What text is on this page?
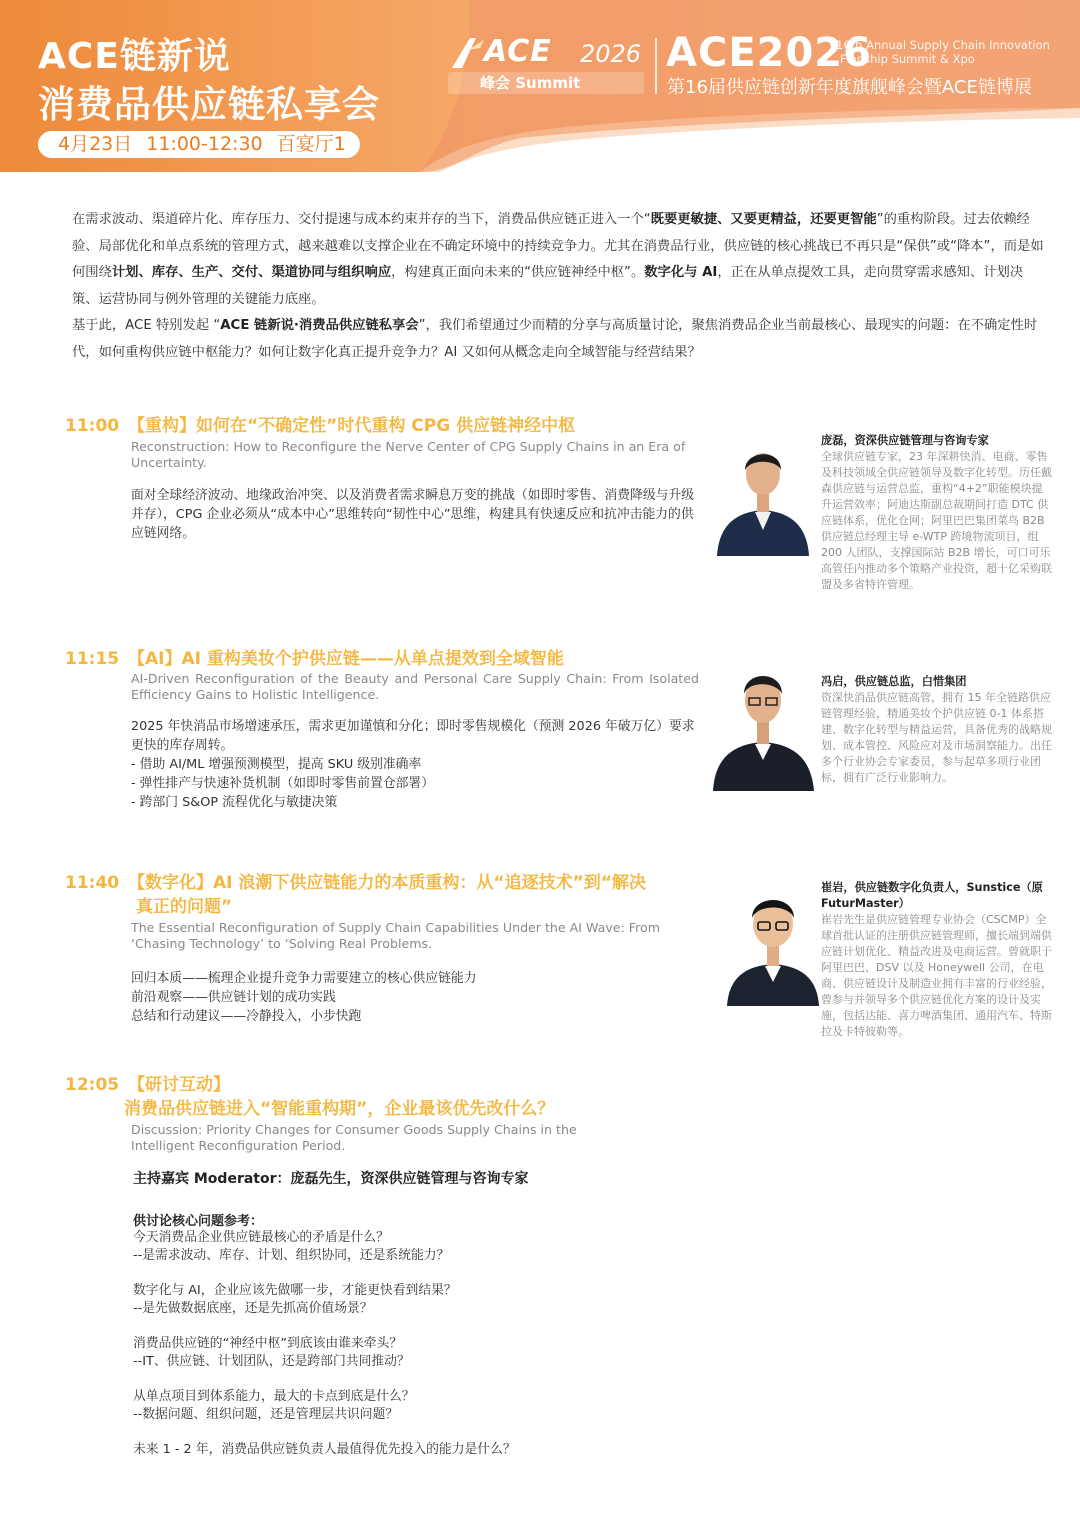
ACE链新说
消费品供应链私享会
4月23日 11:00-12:30 百宴厅1
ACE 2026
峰会 Summit
ACE2026
16th Annual Supply Chain Innovation
Flagship Summit & Xpo
第16届供应链创新年度旗舰峰会暨ACE链博展

在需求波动、渠道碎片化、库存压力、交付提速与成本约束并存的当下，消费品供应链正进入一个“既要更敏捷、又要更精益，还要更智能”的重构阶段。过去依赖经验、局部优化和单点系统的管理方式，越来越难以支撑企业在不确定环境中的持续竞争力。尤其在消费品行业，供应链的核心挑战已不再只是“保供”或“降本”，而是如何围绕计划、库存、生产、交付、渠道协同与组织响应，构建真正面向未来的“供应链神经中枢”。数字化与 AI，正在从单点提效工具，走向贯穿需求感知、计划决策、运营协同与例外管理的关键能力底座。

基于此，ACE 特别发起 “ACE 链新说·消费品供应链私享会”，我们希望通过少而精的分享与高质量讨论，聚焦消费品企业当前最核心、最现实的问题：在不确定性时代，如何重构供应链中枢能力？如何让数字化真正提升竞争力？AI 又如何从概念走向全域智能与经营结果？

11:00 【重构】如何在“不确定性”时代重构 CPG 供应链神经中枢
Reconstruction: How to Reconfigure the Nerve Center of CPG Supply Chains in an Era of Uncertainty.
面对全球经济波动、地缘政治冲突、以及消费者需求瞬息万变的挑战（如即时零售、消费降级与升级并存），CPG 企业必须从“成本中心”思维转向“韧性中心”思维，构建具有快速反应和抗冲击能力的供应链网络。
庞磊，资深供应链管理与咨询专家
全球供应链专家，23 年深耕快消、电商、零售及科技领域全供应链领导及数字化转型。历任戴森供应链与运营总监，重构“4+2”职能模块提升运营效率；阿迪达斯副总裁期间打造 DTC 供应链体系，优化仓网；阿里巴巴集团菜鸟 B2B 供应链总经理主导 e-WTP 跨境物流项目，组 200 人团队，支撑国际站 B2B 增长，可口可乐高管任内推动多个策略产业投资，超十亿采购联盟及多省特许管理。
11:15 【AI】AI 重构美妆个护供应链——从单点提效到全域智能
AI-Driven Reconfiguration of the Beauty and Personal Care Supply Chain: From Isolated Efficiency Gains to Holistic Intelligence.
2025 年快消品市场增速承压，需求更加谨慎和分化；即时零售规模化（预测 2026 年破万亿）要求更快的库存周转。
- 借助 AI/ML 增强预测模型，提高 SKU 级别准确率
- 弹性排产与快速补货机制（如即时零售前置仓部署）
- 跨部门 S&OP 流程优化与敏捷决策
冯启，供应链总监，白惜集团
资深快消品供应链高管，拥有 15 年全链路供应链管理经验，精通美妆个护供应链 0-1 体系搭建、数字化转型与精益运营，具备优秀的战略规划、成本管控、风险应对及市场洞察能力。出任多个行业协会专家委员，参与起草多项行业团标，拥有广泛行业影响力。
11:40 【数字化】AI 浪潮下供应链能力的本质重构：从“追逐技术”到“解决
真正的问题”
The Essential Reconfiguration of Supply Chain Capabilities Under the AI Wave: From ‘Chasing Technology’ to ‘Solving Real Problems.
回归本质——梳理企业提升竞争力需要建立的核心供应链能力
前沿观察——供应链计划的成功实践
总结和行动建议——冷静投入，小步快跑
崔岩，供应链数字化负责人，Sunstice（原 FuturMaster）
崔岩先生是供应链管理专业协会（CSCMP）全球首批认证的注册供应链管理师，擅长端到端供应链计划优化、精益改进及电商运营。曾就职于阿里巴巴、DSV 以及 Honeywell 公司，在电商、供应链设计及制造业拥有丰富的行业经验，曾参与并领导多个供应链优化方案的设计及实施，包括达能、喜力啤酒集团、通用汽车、特斯拉及卡特彼勒等。
12:05 【研讨互动】
消费品供应链进入“智能重构期”，企业最该优先改什么？
Discussion: Priority Changes for Consumer Goods Supply Chains in the Intelligent Reconfiguration Period.
主持嘉宾 Moderator：庞磊先生，资深供应链管理与咨询专家
供讨论核心问题参考：
今天消费品企业供应链最核心的矛盾是什么？
--是需求波动、库存、计划、组织协同，还是系统能力？
数字化与 AI，企业应该先做哪一步，才能更快看到结果？
--是先做数据底座，还是先抓高价值场景？
消费品供应链的“神经中枢”到底该由谁来牵头？
--IT、供应链、计划团队，还是跨部门共同推动？
从单点项目到体系能力，最大的卡点到底是什么？
--数据问题、组织问题，还是管理层共识问题？
未来 1 - 2 年，消费品供应链负责人最值得优先投入的能力是什么？
